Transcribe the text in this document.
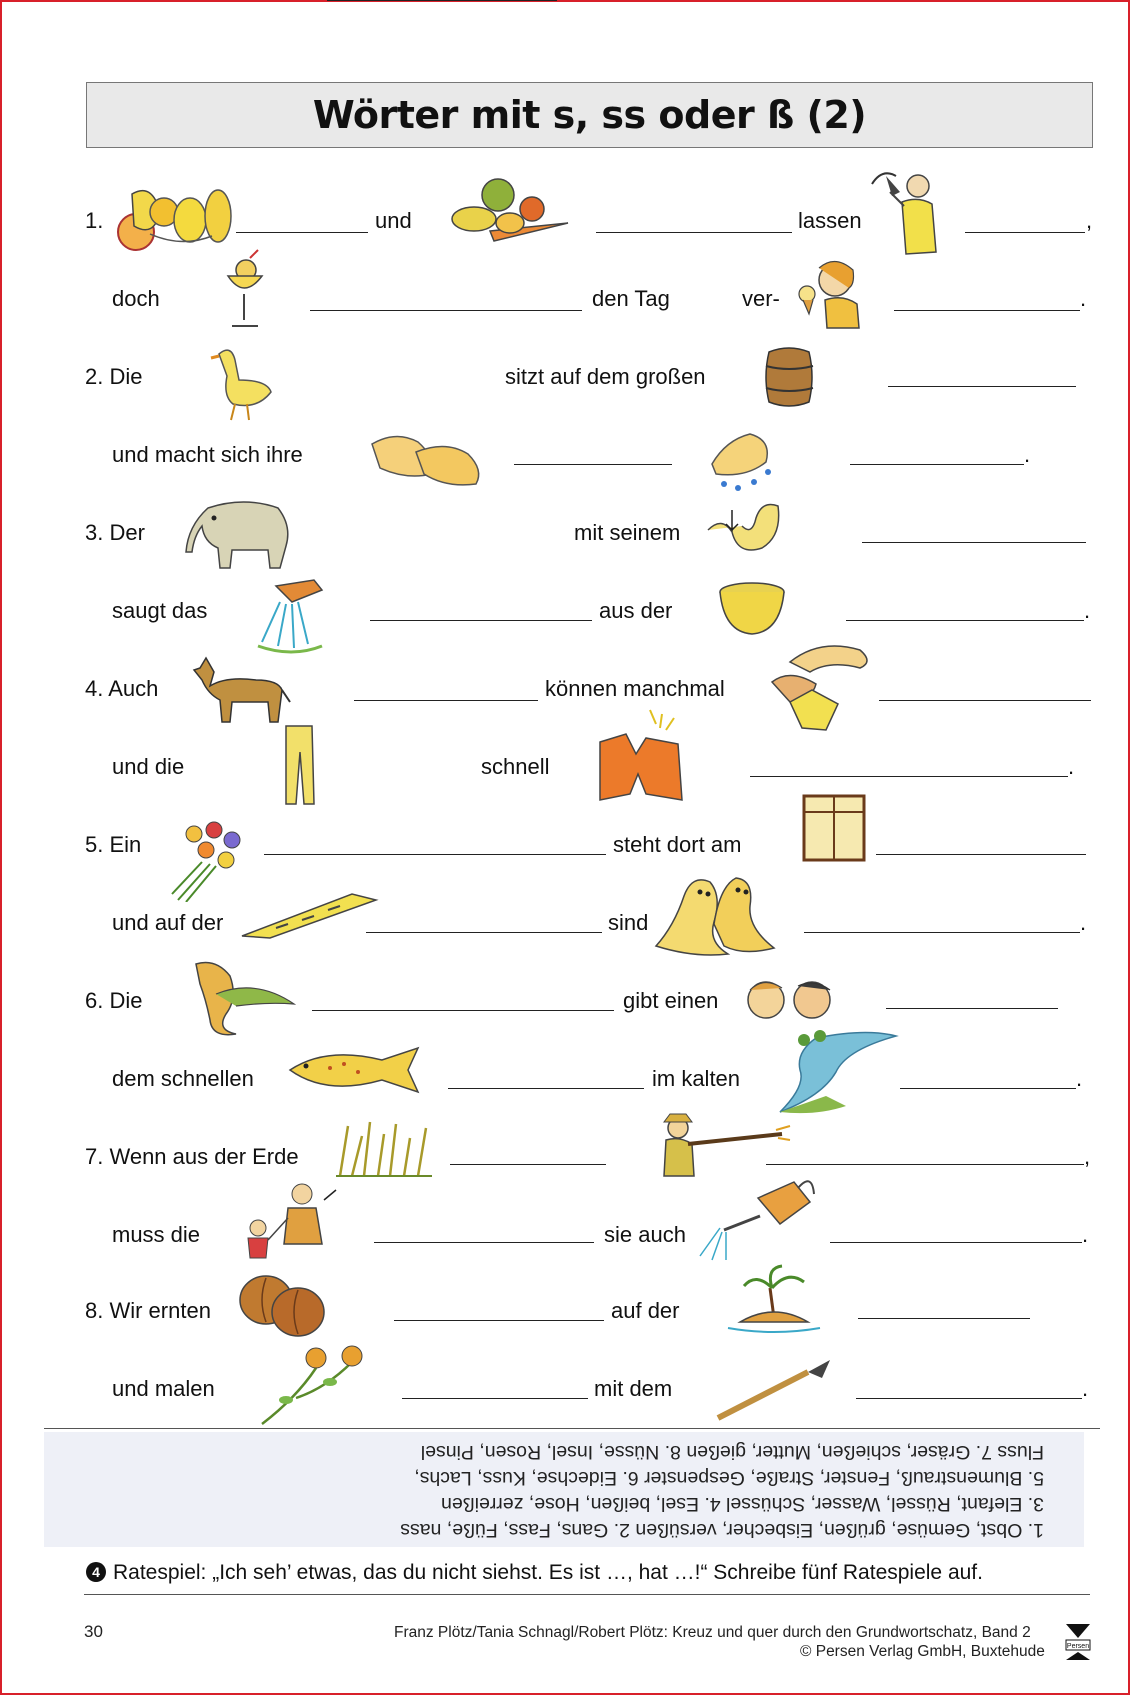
Wörter mit s, ss oder ß (2)
1.	und	lassen	,
doch	den Tag	ver-	.
2. Die	sitzt auf dem großen
und macht sich ihre	.
3. Der	mit seinem
saugt das	aus der	.
4. Auch	können manchmal
und die	schnell	.
5. Ein	steht dort am
und auf der	sind	.
6. Die	gibt einen
dem schnellen	im kalten	.
7. Wenn aus der Erde	,
muss die	sie auch	.
8. Wir ernten	auf der
und malen	mit dem	.
1. Obst, Gemüse, grüßen, Eisbecher, versüßen 2. Gans, Fass, Füße, nass
3. Elefant, Rüssel, Wasser, Schüssel 4. Esel, beißen, Hose, zerreißen
5. Blumenstrauß, Fenster, Straße, Gespenster 6. Eidechse, Kuss, Lachs,
Fluss 7. Gräser, schießen, Mutter, gießen 8. Nüsse, Insel, Rosen, Pinsel
4 Ratespiel: „Ich seh’ etwas, das du nicht siehst. Es ist …, hat …!“ Schreibe fünf Ratespiele auf.
30	Franz Plötz/Tania Schnagl/Robert Plötz: Kreuz und quer durch den Grundwortschatz, Band 2
© Persen Verlag GmbH, Buxtehude	Persen
